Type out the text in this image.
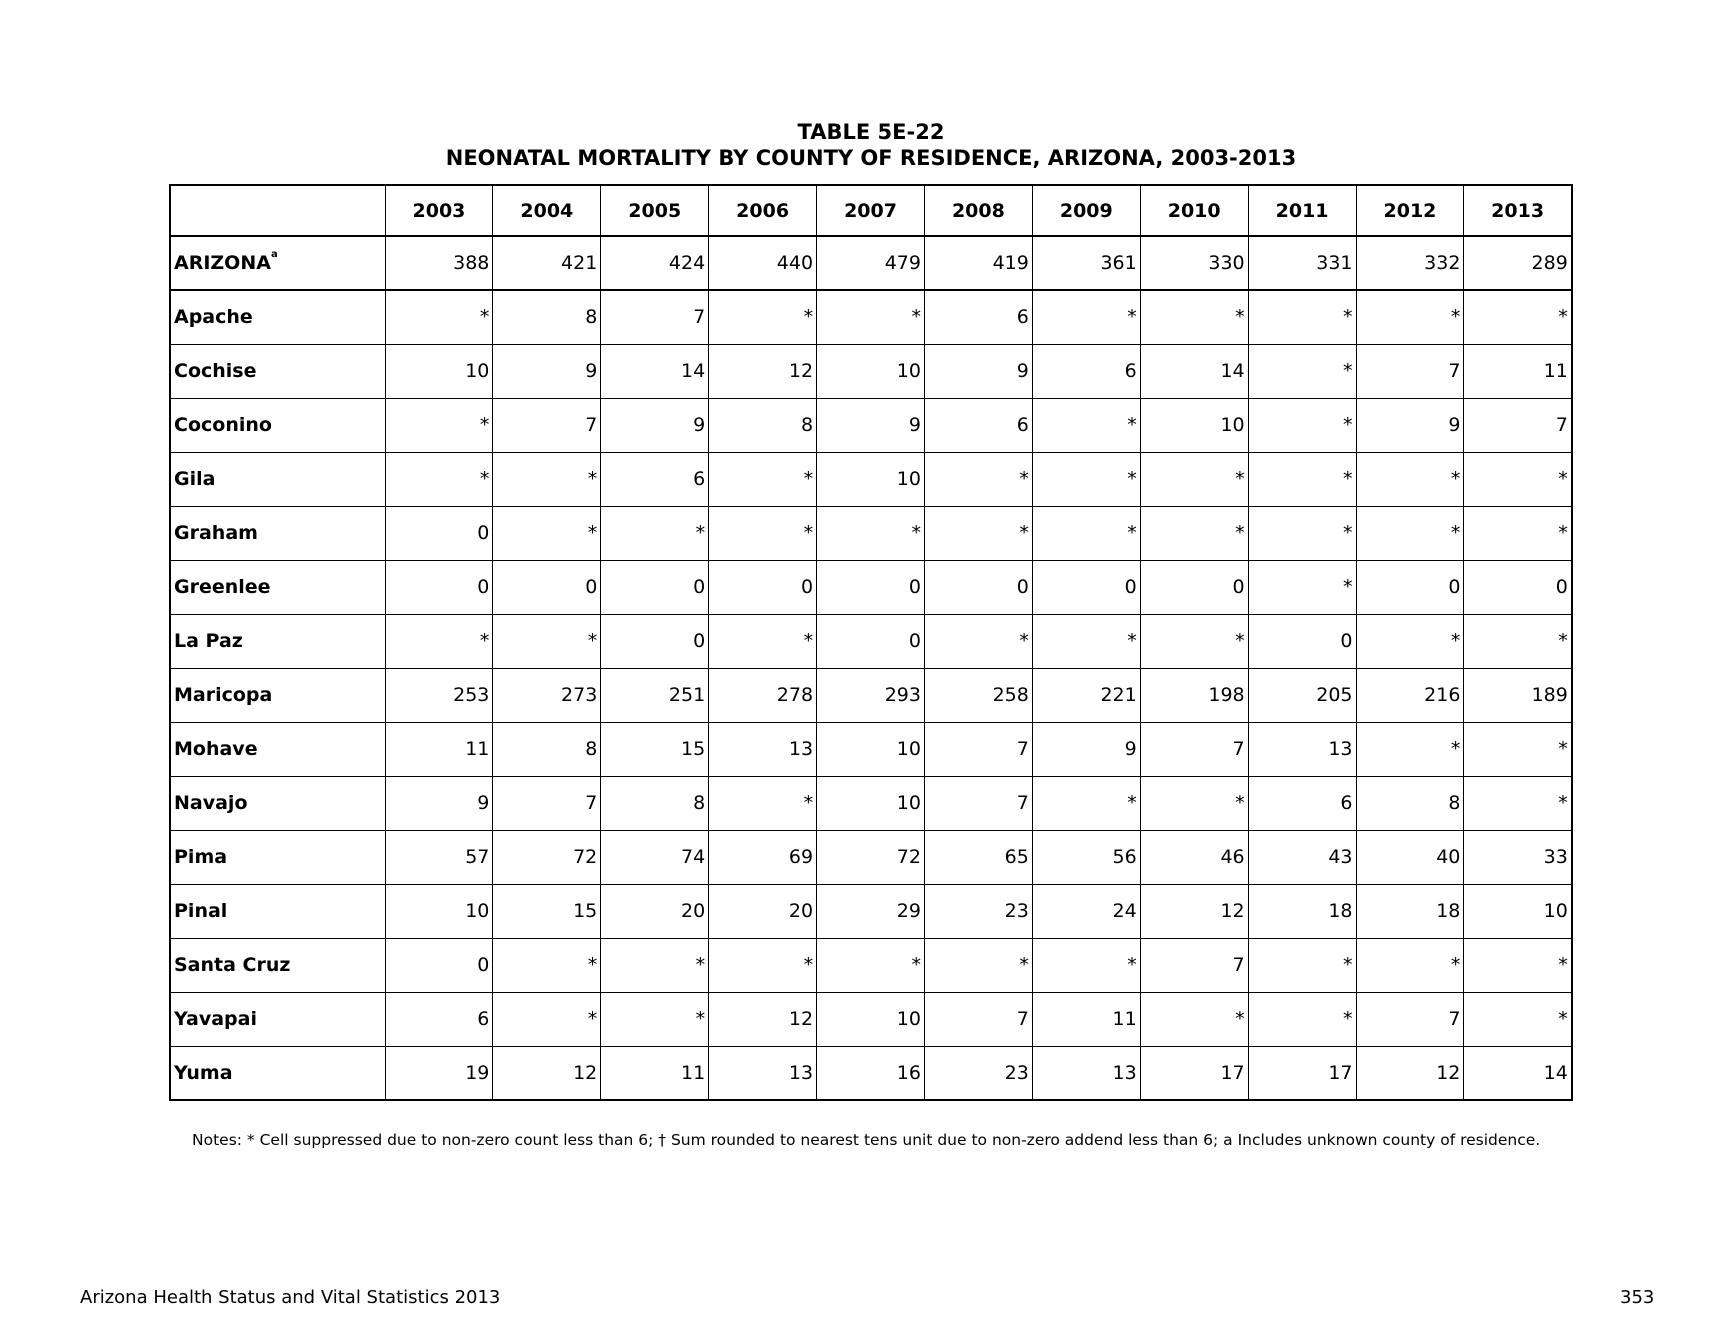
TABLE 5E-22
NEONATAL MORTALITY BY COUNTY OF RESIDENCE, ARIZONA, 2003-2013
	2003	2004	2005	2006	2007	2008	2009	2010	2011	2012	2013
ARIZONA$^a$	388	421	424	440	479	419	361	330	331	332	289
Apache	*	8	7	*	*	6	*	*	*	*	*
Cochise	10	9	14	12	10	9	6	14	*	7	11
Coconino	*	7	9	8	9	6	*	10	*	9	7
Gila	*	*	6	*	10	*	*	*	*	*	*
Graham	0	*	*	*	*	*	*	*	*	*	*
Greenlee	0	0	0	0	0	0	0	0	*	0	0
La Paz	*	*	0	*	0	*	*	*	0	*	*
Maricopa	253	273	251	278	293	258	221	198	205	216	189
Mohave	11	8	15	13	10	7	9	7	13	*	*
Navajo	9	7	8	*	10	7	*	*	6	8	*
Pima	57	72	74	69	72	65	56	46	43	40	33
Pinal	10	15	20	20	29	23	24	12	18	18	10
Santa Cruz	0	*	*	*	*	*	*	7	*	*	*
Yavapai	6	*	*	12	10	7	11	*	*	7	*
Yuma	19	12	11	13	16	23	13	17	17	12	14
Notes: * Cell suppressed due to non-zero count less than 6; † Sum rounded to nearest tens unit due to non-zero addend less than 6; a Includes unknown county of residence.
Arizona Health Status and Vital Statistics 2013	353
